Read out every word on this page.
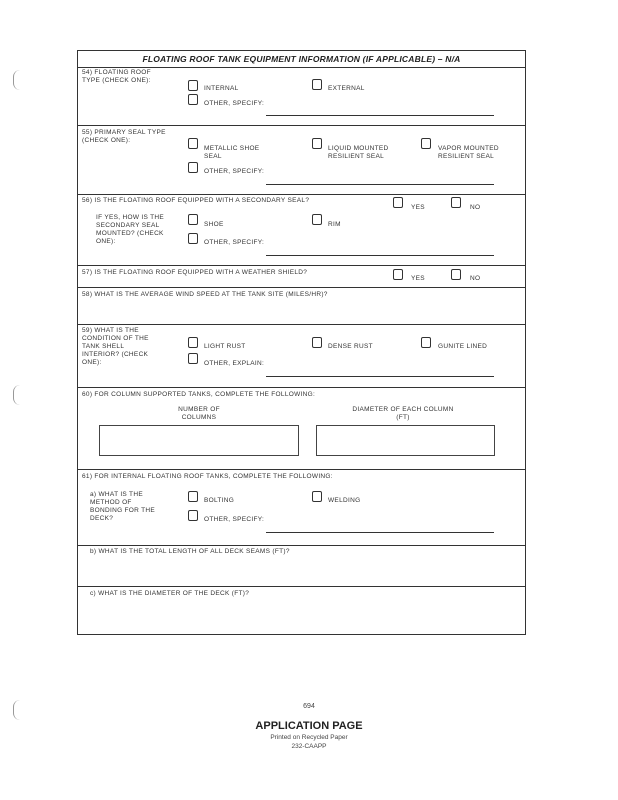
FLOATING ROOF TANK EQUIPMENT INFORMATION (IF APPLICABLE) – N/A
54) FLOATING ROOF
TYPE (CHECK ONE):
INTERNAL	EXTERNAL
OTHER, SPECIFY:
55) PRIMARY SEAL TYPE
(CHECK ONE):
METALLIC SHOE
SEAL
LIQUID MOUNTED
RESILIENT SEAL
VAPOR MOUNTED
RESILIENT SEAL
OTHER, SPECIFY:
56) IS THE FLOATING ROOF EQUIPPED WITH A SECONDARY SEAL?
YES	NO
IF YES, HOW IS THE
SECONDARY SEAL
MOUNTED? (CHECK
ONE):
SHOE	RIM
OTHER, SPECIFY:
57) IS THE FLOATING ROOF EQUIPPED WITH A WEATHER SHIELD?
YES	NO
58) WHAT IS THE AVERAGE WIND SPEED AT THE TANK SITE (MILES/HR)?
59) WHAT IS THE
CONDITION OF THE
TANK SHELL
INTERIOR? (CHECK
ONE):
LIGHT RUST	DENSE RUST	GUNITE LINED
OTHER, EXPLAIN:
60) FOR COLUMN SUPPORTED TANKS, COMPLETE THE FOLLOWING:
NUMBER OF
COLUMNS
DIAMETER OF EACH COLUMN
(FT)
61) FOR INTERNAL FLOATING ROOF TANKS, COMPLETE THE FOLLOWING:
a) WHAT IS THE
METHOD OF
BONDING FOR THE
DECK?
BOLTING	WELDING
OTHER, SPECIFY:
b) WHAT IS THE TOTAL LENGTH OF ALL DECK SEAMS (FT)?
c) WHAT IS THE DIAMETER OF THE DECK (FT)?
694
APPLICATION PAGE
Printed on Recycled Paper
232-CAAPP
